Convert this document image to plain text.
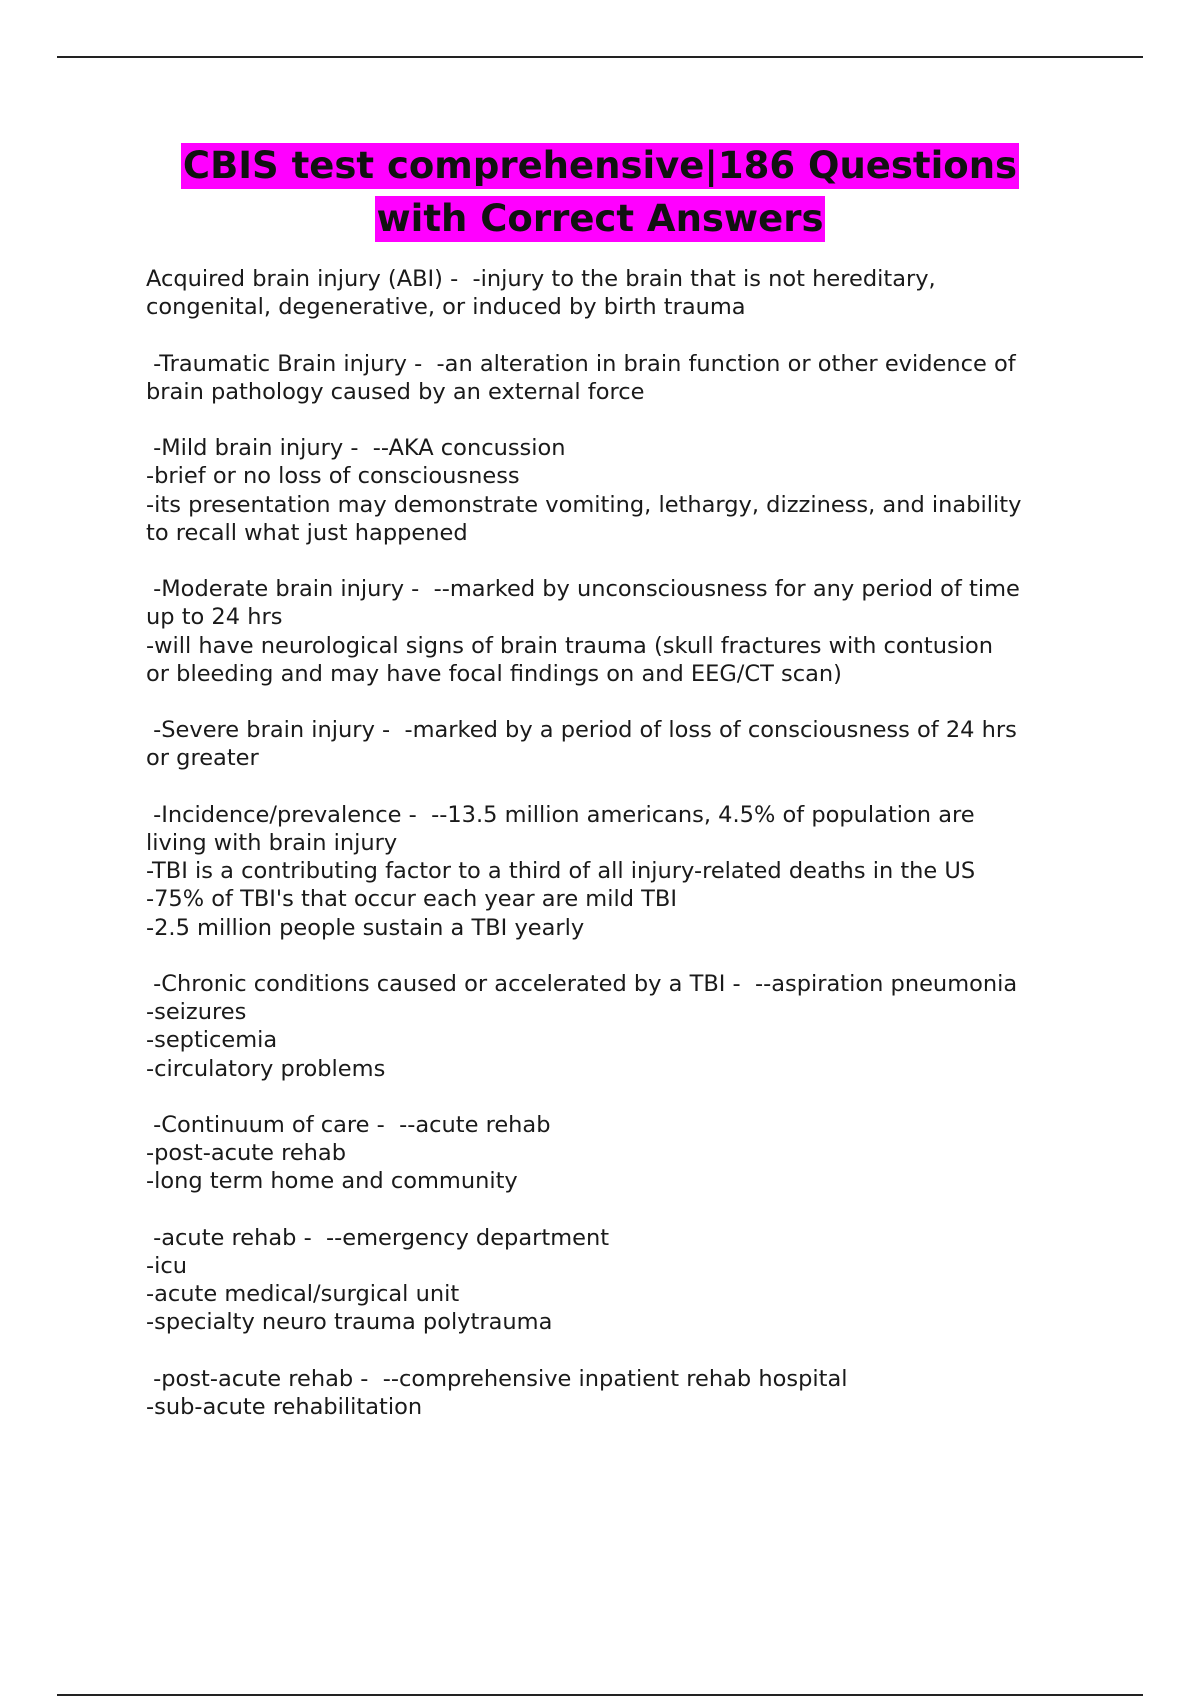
CBIS test comprehensive|186 Questions
with Correct Answers
Acquired brain injury (ABI) -  -injury to the brain that is not hereditary,
congenital, degenerative, or induced by birth trauma
-Traumatic Brain injury -  -an alteration in brain function or other evidence of
brain pathology caused by an external force
-Mild brain injury -  --AKA concussion
-brief or no loss of consciousness
-its presentation may demonstrate vomiting, lethargy, dizziness, and inability
to recall what just happened
-Moderate brain injury -  --marked by unconsciousness for any period of time
up to 24 hrs
-will have neurological signs of brain trauma (skull fractures with contusion
or bleeding and may have focal findings on and EEG/CT scan)
-Severe brain injury -  -marked by a period of loss of consciousness of 24 hrs
or greater
-Incidence/prevalence -  --13.5 million americans, 4.5% of population are
living with brain injury
-TBI is a contributing factor to a third of all injury-related deaths in the US
-75% of TBI's that occur each year are mild TBI
-2.5 million people sustain a TBI yearly
-Chronic conditions caused or accelerated by a TBI -  --aspiration pneumonia
-seizures
-septicemia
-circulatory problems
-Continuum of care -  --acute rehab
-post-acute rehab
-long term home and community
-acute rehab -  --emergency department
-icu
-acute medical/surgical unit
-specialty neuro trauma polytrauma
-post-acute rehab -  --comprehensive inpatient rehab hospital
-sub-acute rehabilitation
